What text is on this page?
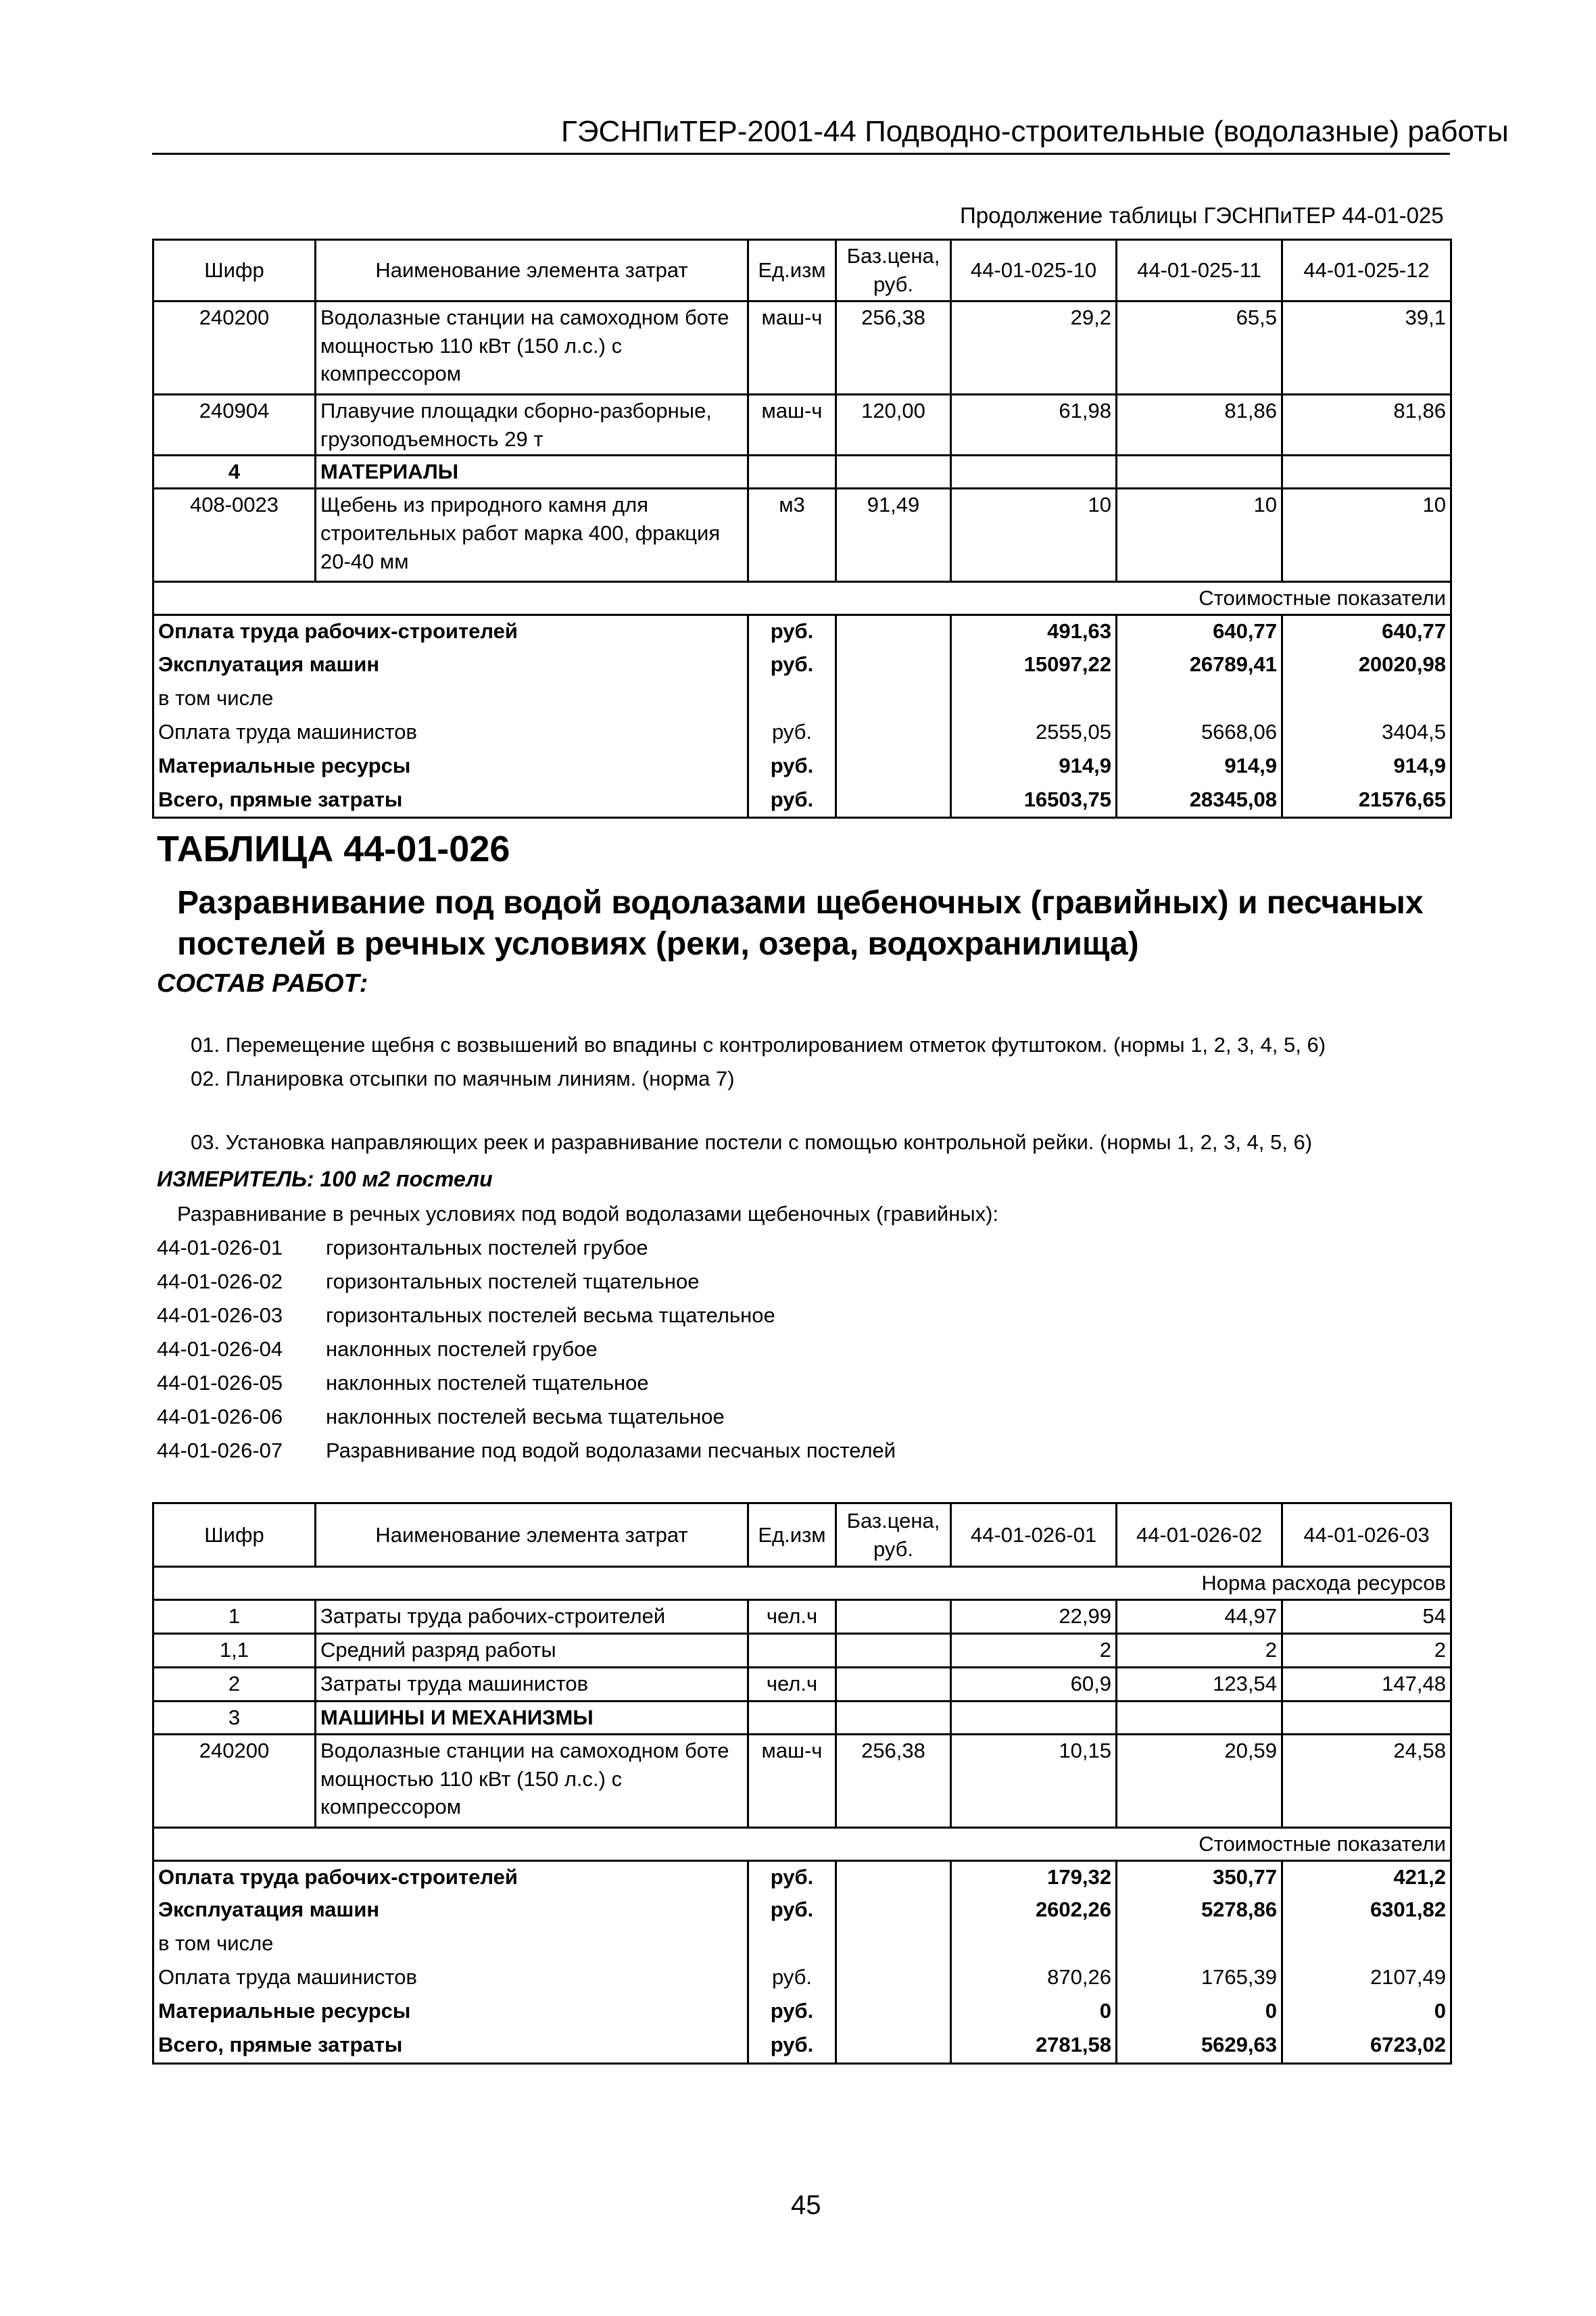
ГЭСНПиТЕР-2001-44 Подводно-строительные (водолазные) работы
Продолжение таблицы ГЭСНПиТЕР 44-01-025
Шифр	Наименование элемента затрат	Ед.изм	Баз.цена, руб.	44-01-025-10	44-01-025-11	44-01-025-12
240200	Водолазные станции на самоходном боте мощностью 110 кВт (150 л.с.) с компрессором	маш-ч	256,38	29,2	65,5	39,1
240904	Плавучие площадки сборно-разборные, грузоподъемность 29 т	маш-ч	120,00	61,98	81,86	81,86
4	МАТЕРИАЛЫ					
408-0023	Щебень из природного камня для строительных работ марка 400, фракция 20-40 мм	м3	91,49	10	10	10
Стоимостные показатели						
Оплата труда рабочих-строителей		руб.		491,63	640,77	640,77
Эксплуатация машин		руб.		15097,22	26789,41	20020,98
в том числе						
Оплата труда машинистов		руб.		2555,05	5668,06	3404,5
Материальные ресурсы		руб.		914,9	914,9	914,9
Всего, прямые затраты		руб.		16503,75	28345,08	21576,65
ТАБЛИЦА 44-01-026
Разравнивание под водой водолазами щебеночных (гравийных) и песчаных постелей в речных условиях (реки, озера, водохранилища)
СОСТАВ РАБОТ:
01. Перемещение щебня с возвышений во впадины с контролированием отметок футштоком. (нормы 1, 2, 3, 4, 5, 6)
02. Планировка отсыпки по маячным линиям. (норма 7)
03. Установка направляющих реек и разравнивание постели с помощью контрольной рейки. (нормы 1, 2, 3, 4, 5, 6)
ИЗМЕРИТЕЛЬ: 100 м2 постели
Разравнивание в речных условиях под водой водолазами щебеночных (гравийных):
44-01-026-01 горизонтальных постелей грубое
44-01-026-02 горизонтальных постелей тщательное
44-01-026-03 горизонтальных постелей весьма тщательное
44-01-026-04 наклонных постелей грубое
44-01-026-05 наклонных постелей тщательное
44-01-026-06 наклонных постелей весьма тщательное
44-01-026-07 Разравнивание под водой водолазами песчаных постелей
Шифр	Наименование элемента затрат	Ед.изм	Баз.цена, руб.	44-01-026-01	44-01-026-02	44-01-026-03
Норма расхода ресурсов						
1	Затраты труда рабочих-строителей	чел.ч		22,99	44,97	54
1,1	Средний разряд работы			2	2	2
2	Затраты труда машинистов	чел.ч		60,9	123,54	147,48
3	МАШИНЫ И МЕХАНИЗМЫ					
240200	Водолазные станции на самоходном боте мощностью 110 кВт (150 л.с.) с компрессором	маш-ч	256,38	10,15	20,59	24,58
Стоимостные показатели						
Оплата труда рабочих-строителей		руб.		179,32	350,77	421,2
Эксплуатация машин		руб.		2602,26	5278,86	6301,82
в том числе						
Оплата труда машинистов		руб.		870,26	1765,39	2107,49
Материальные ресурсы		руб.		0	0	0
Всего, прямые затраты		руб.		2781,58	5629,63	6723,02
45
